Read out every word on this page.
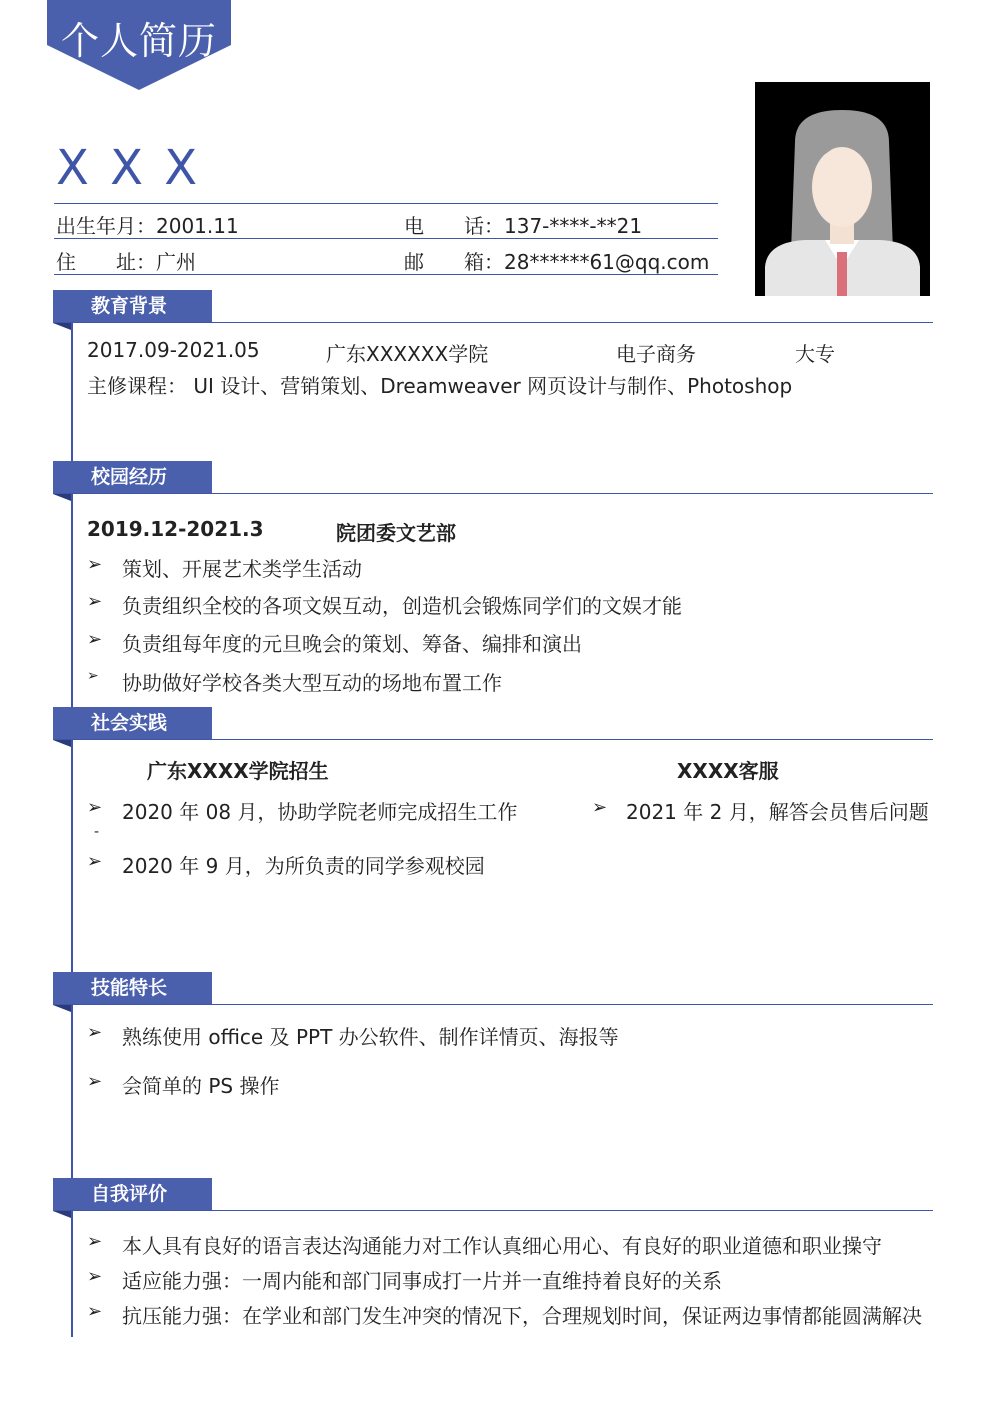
个人简历
X X X
出生年月：2001.11	电　　话：137-****-**21
住　　址：广州	邮　　箱：28******61@qq.com
教育背景
2017.09-2021.05	广东XXXXXX学院	电子商务	大专
主修课程： UI 设计、营销策划、Dreamweaver 网页设计与制作、Photoshop
校园经历
2019.12-2021.3	院团委文艺部
➢ 策划、开展艺术类学生活动
➢ 负责组织全校的各项文娱互动，创造机会锻炼同学们的文娱才能
➢ 负责组每年度的元旦晚会的策划、筹备、编排和演出
➢ 协助做好学校各类大型互动的场地布置工作
社会实践
广东XXXX学院招生	XXXX客服
➢ 2020 年 08 月，协助学院老师完成招生工作	➢ 2021 年 2 月，解答会员售后问题
-
➢ 2020 年 9 月，为所负责的同学参观校园
技能特长
➢ 熟练使用 office 及 PPT 办公软件、制作详情页、海报等
➢ 会简单的 PS 操作
自我评价
➢ 本人具有良好的语言表达沟通能力对工作认真细心用心、有良好的职业道德和职业操守
➢ 适应能力强：一周内能和部门同事成打一片并一直维持着良好的关系
➢ 抗压能力强：在学业和部门发生冲突的情况下，合理规划时间，保证两边事情都能圆满解决
